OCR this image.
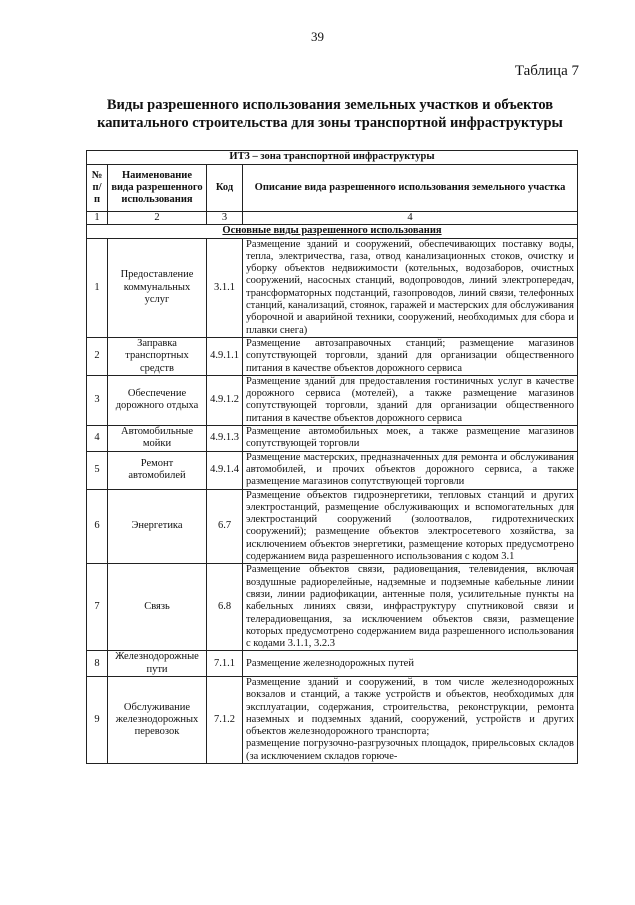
39
Таблица 7
Виды разрешенного использования земельных участков и объектов
капитального строительства для зоны транспортной инфраструктуры
ИТ3 – зона транспортной инфраструктуры			
№ п/п	Наименование вида разрешенного использования	Код	Описание вида разрешенного использования земельного участка
1	2	3	4
Основные виды разрешенного использования			
1	Предоставление коммунальных услуг	3.1.1	Размещение зданий и сооружений, обеспечивающих поставку воды, тепла, электричества, газа, отвод канализационных стоков, очистку и уборку объектов недвижимости (котельных, водозаборов, очистных сооружений, насосных станций, водопроводов, линий электропередач, трансформаторных подстанций, газопроводов, линий связи, телефонных станций, канализаций, стоянок, гаражей и мастерских для обслуживания уборочной и аварийной техники, сооружений, необходимых для сбора и плавки снега)

2	Заправка транспортных средств	4.9.1.1	Размещение автозаправочных станций; размещение магазинов сопутствующей торговли, зданий для организации общественного питания в качестве объектов дорожного сервиса

3	Обеспечение дорожного отдыха	4.9.1.2	Размещение зданий для предоставления гостиничных услуг в качестве дорожного сервиса (мотелей), а также размещение магазинов сопутствующей торговли, зданий для организации общественного питания в качестве объектов дорожного сервиса

4	Автомобильные мойки	4.9.1.3	Размещение автомобильных моек, а также размещение магазинов сопутствующей торговли

5	Ремонт автомобилей	4.9.1.4	Размещение мастерских, предназначенных для ремонта и обслуживания автомобилей, и прочих объектов дорожного сервиса, а также размещение магазинов сопутствующей торговли

6	Энергетика	6.7	Размещение объектов гидроэнергетики, тепловых станций и других электростанций, размещение обслуживающих и вспомогательных для электростанций сооружений (золоотвалов, гидротехнических сооружений); размещение объектов электросетевого хозяйства, за исключением объектов энергетики, размещение которых предусмотрено содержанием вида разрешенного использования с кодом 3.1

7	Связь	6.8	Размещение объектов связи, радиовещания, телевидения, включая воздушные радиорелейные, надземные и подземные кабельные линии связи, линии радиофикации, антенные поля, усилительные пункты на кабельных линиях связи, инфраструктуру спутниковой связи и телерадиовещания, за исключением объектов связи, размещение которых предусмотрено содержанием вида разрешенного использования с кодами 3.1.1, 3.2.3

8	Железнодорожные пути	7.1.1	Размещение железнодорожных путей

9	Обслуживание железнодорожных перевозок	7.1.2	Размещение зданий и сооружений, в том числе железнодорожных вокзалов и станций, а также устройств и объектов, необходимых для эксплуатации, содержания, строительства, реконструкции, ремонта наземных и подземных зданий, сооружений, устройств и других объектов железнодорожного транспорта;
размещение погрузочно-разгрузочных площадок, прирельсовых складов (за исключением складов горюче-
